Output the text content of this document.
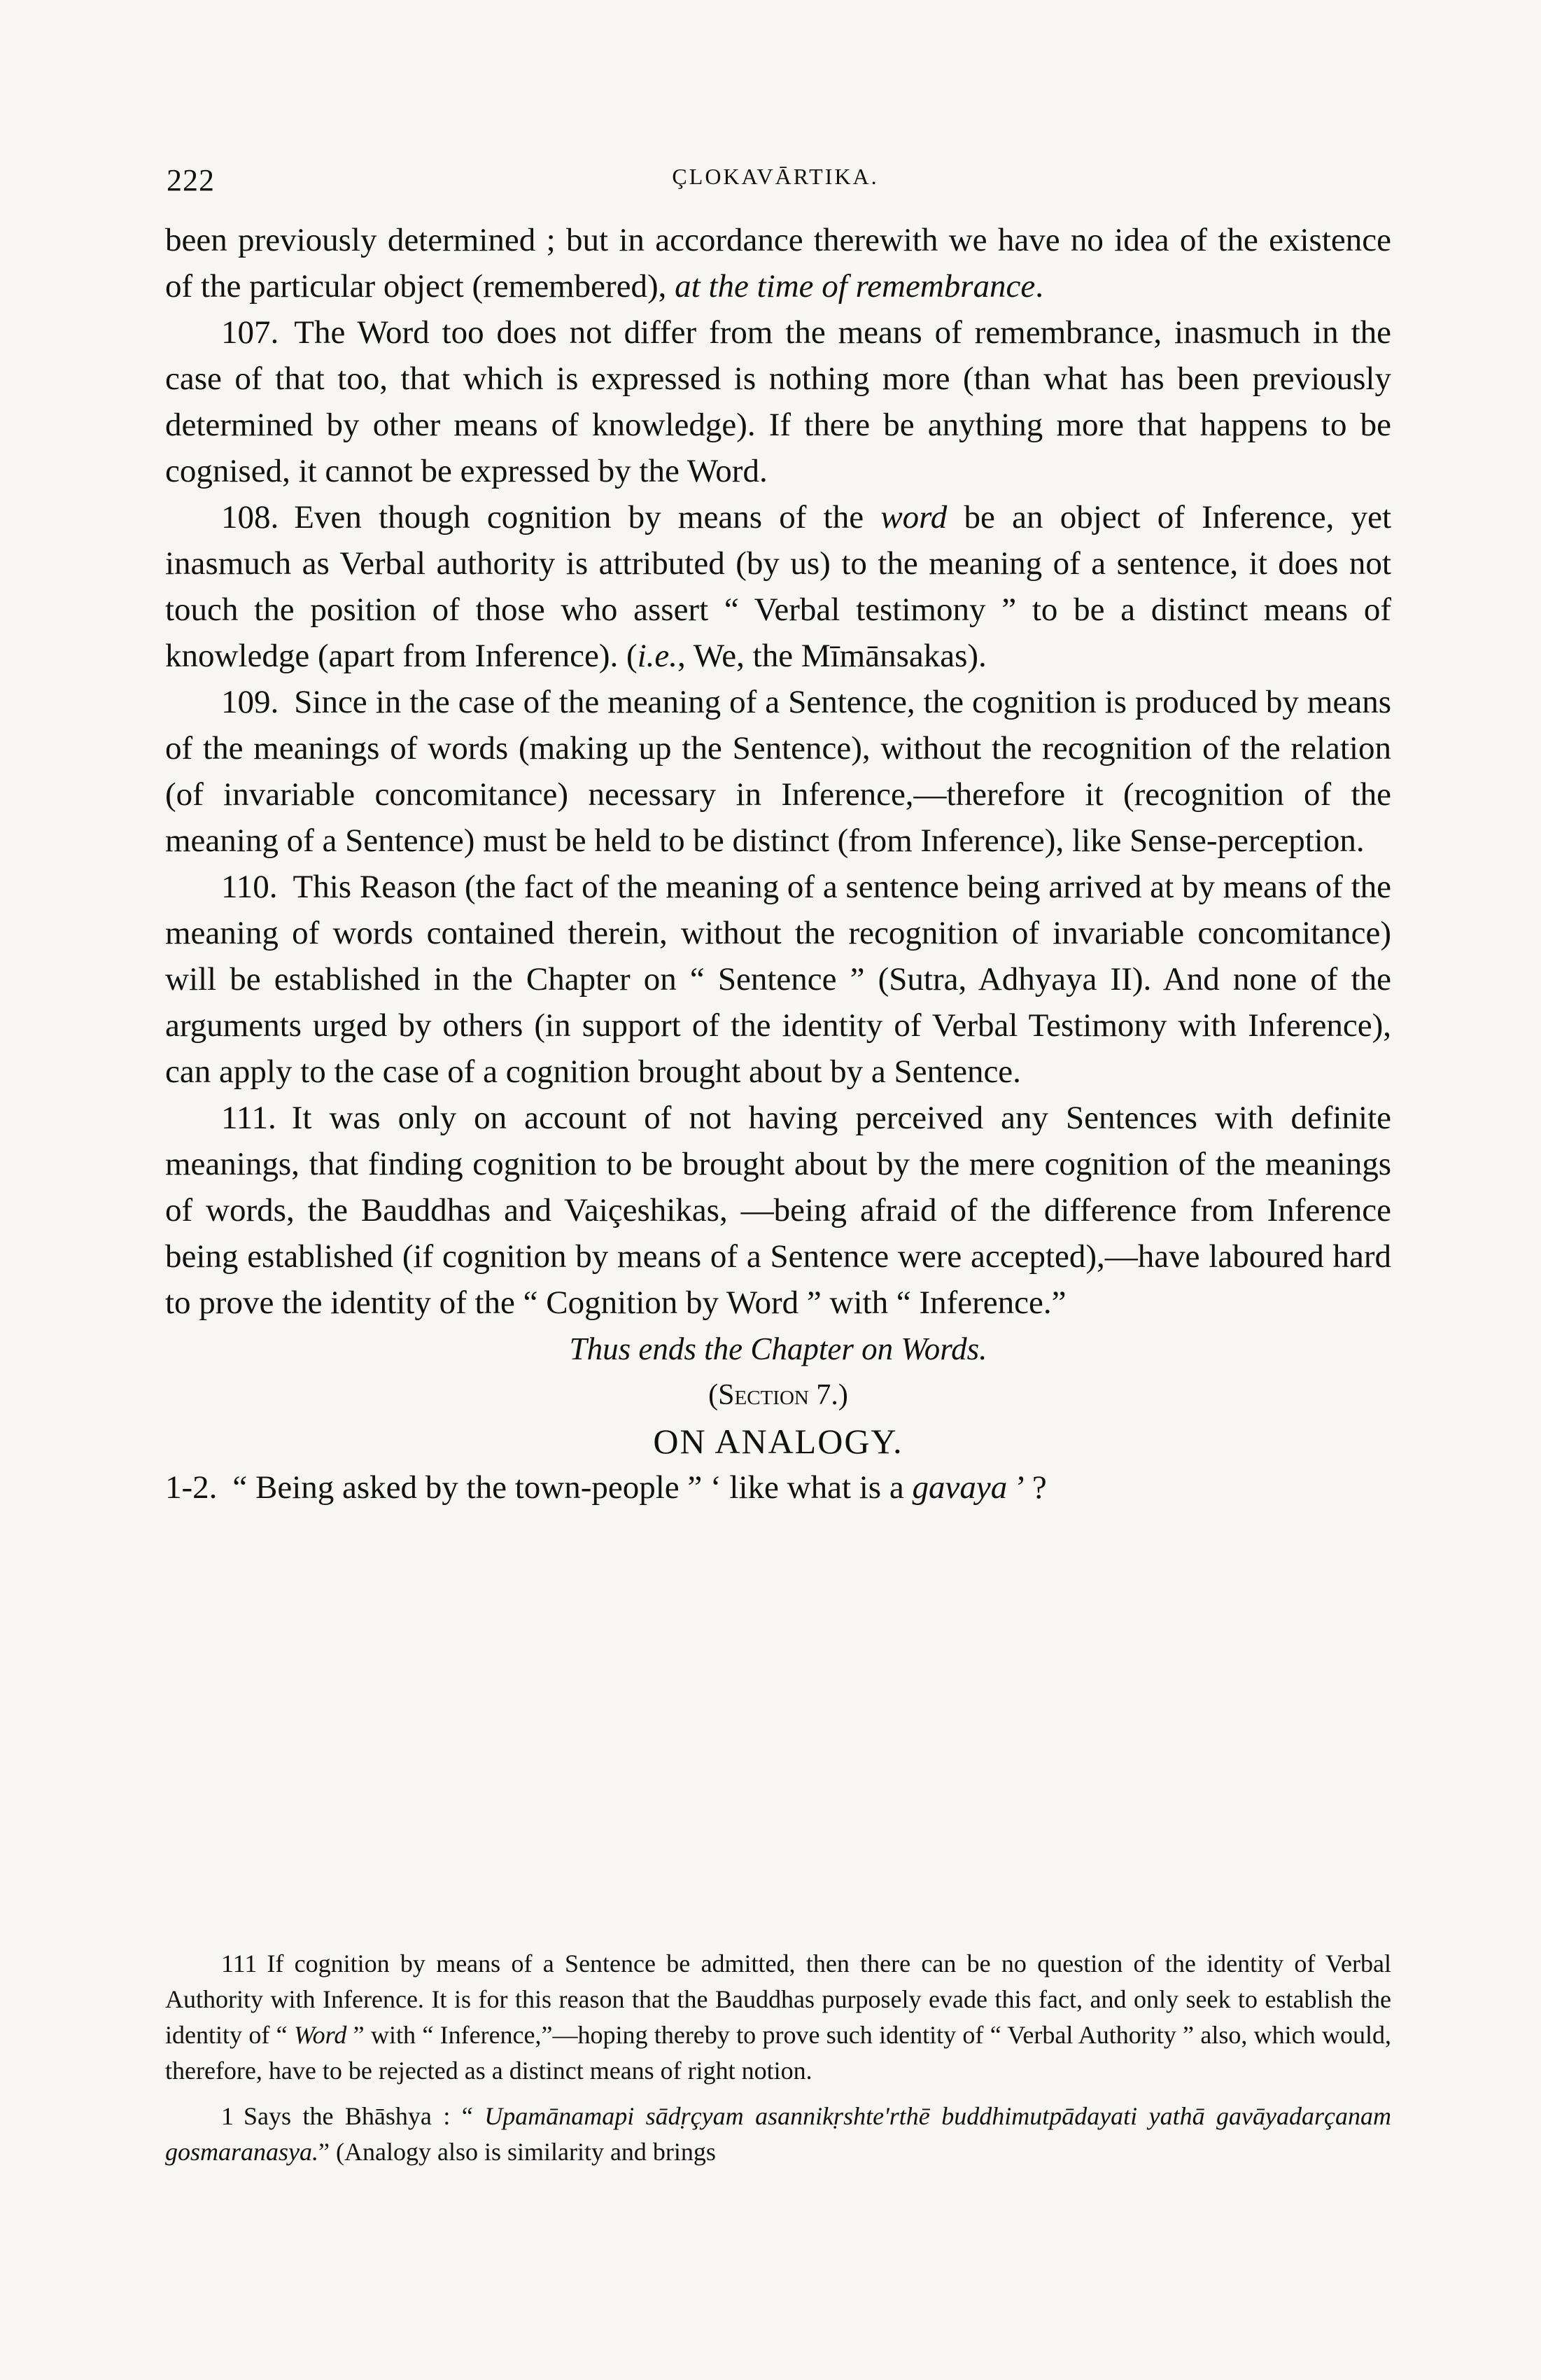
222	ÇLOKAVĀRTIKA.

been previously determined ; but in accordance therewith we have no idea of the existence of the particular object (remembered), at the time of remembrance.

107. The Word too does not differ from the means of remembrance, inasmuch in the case of that too, that which is expressed is nothing more (than what has been previously determined by other means of knowledge). If there be anything more that happens to be cognised, it cannot be expressed by the Word.

108. Even though cognition by means of the word be an object of Inference, yet inasmuch as Verbal authority is attributed (by us) to the meaning of a sentence, it does not touch the position of those who assert “ Verbal testimony ” to be a distinct means of knowledge (apart from Inference). (i.e., We, the Mīmānsakas).

109. Since in the case of the meaning of a Sentence, the cognition is produced by means of the meanings of words (making up the Sentence), without the recognition of the relation (of invariable concomitance) necessary in Inference,—therefore it (recognition of the meaning of a Sentence) must be held to be distinct (from Inference), like Sense-perception.

110. This Reason (the fact of the meaning of a sentence being arrived at by means of the meaning of words contained therein, without the recognition of invariable concomitance) will be established in the Chapter on “ Sentence ” (Sutra, Adhyaya II). And none of the arguments urged by others (in support of the identity of Verbal Testimony with Inference), can apply to the case of a cognition brought about by a Sentence.

111. It was only on account of not having perceived any Sentences with definite meanings, that finding cognition to be brought about by the mere cognition of the meanings of words, the Bauddhas and Vaiçeshikas, —being afraid of the difference from Inference being established (if cognition by means of a Sentence were accepted),—have laboured hard to prove the identity of the “ Cognition by Word ” with “ Inference.”

Thus ends the Chapter on Words.

(Section 7.)

ON ANALOGY.

1-2. “ Being asked by the town-people ” ‘ like what is a gavaya ’ ?

111 If cognition by means of a Sentence be admitted, then there can be no question of the identity of Verbal Authority with Inference. It is for this reason that the Bauddhas purposely evade this fact, and only seek to establish the identity of “ Word ” with “ Inference,”—hoping thereby to prove such identity of “ Verbal Authority ” also, which would, therefore, have to be rejected as a distinct means of right notion.

1 Says the Bhāshya : “ Upamānamapi sādṛçyam asannikṛshte'rthē buddhimutpādayati yathā gavāyadarçanam gosmaranasya.” (Analogy also is similarity and brings
